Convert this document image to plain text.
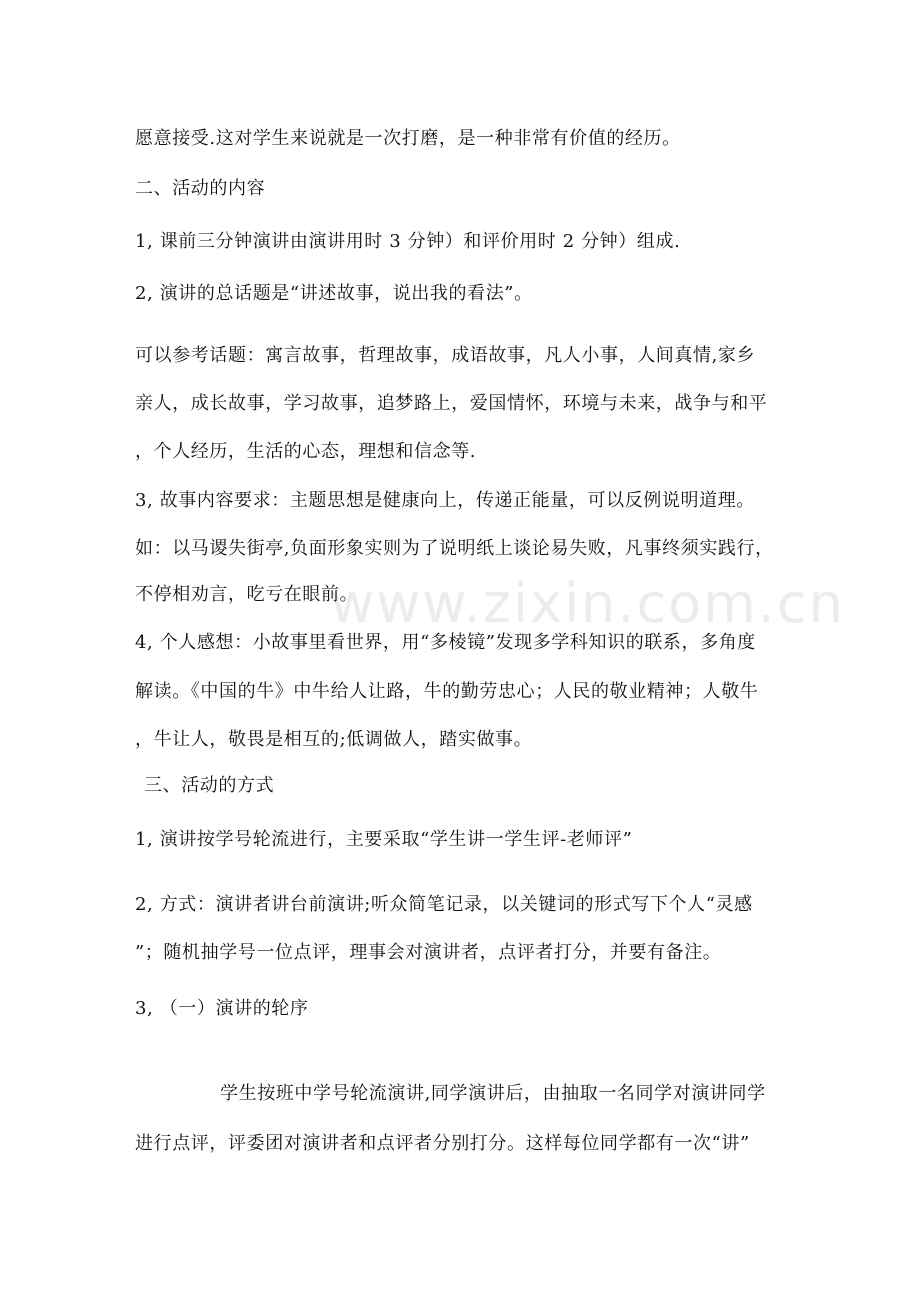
www.zixin.com.cn
愿意接受.这对学生来说就是一次打磨，是一种非常有价值的经历。
二、活动的内容
1, 课前三分钟演讲由演讲用时 3 分钟）和评价用时 2 分钟）组成.
2, 演讲的总话题是“讲述故事，说出我的看法”。
可以参考话题：寓言故事，哲理故事，成语故事，凡人小事，人间真情,家乡
亲人，成长故事，学习故事，追梦路上，爱国情怀，环境与未来，战争与和平
，个人经历，生活的心态，理想和信念等.
3, 故事内容要求：主题思想是健康向上，传递正能量，可以反例说明道理。
如：以马谡失街亭,负面形象实则为了说明纸上谈论易失败，凡事终须实践行，
不停相劝言，吃亏在眼前。
4, 个人感想：小故事里看世界，用“多棱镜”发现多学科知识的联系，多角度
解读。《中国的牛》中牛给人让路，牛的勤劳忠心；人民的敬业精神；人敬牛
，牛让人，敬畏是相互的;低调做人，踏实做事。
三、活动的方式
1, 演讲按学号轮流进行，主要采取“学生讲一学生评-老师评”
2, 方式：演讲者讲台前演讲;听众简笔记录，以关键词的形式写下个人“灵感
”；随机抽学号一位点评，理事会对演讲者，点评者打分，并要有备注。
3, （一）演讲的轮序
学生按班中学号轮流演讲,同学演讲后，由抽取一名同学对演讲同学
进行点评，评委团对演讲者和点评者分别打分。这样每位同学都有一次“讲”
